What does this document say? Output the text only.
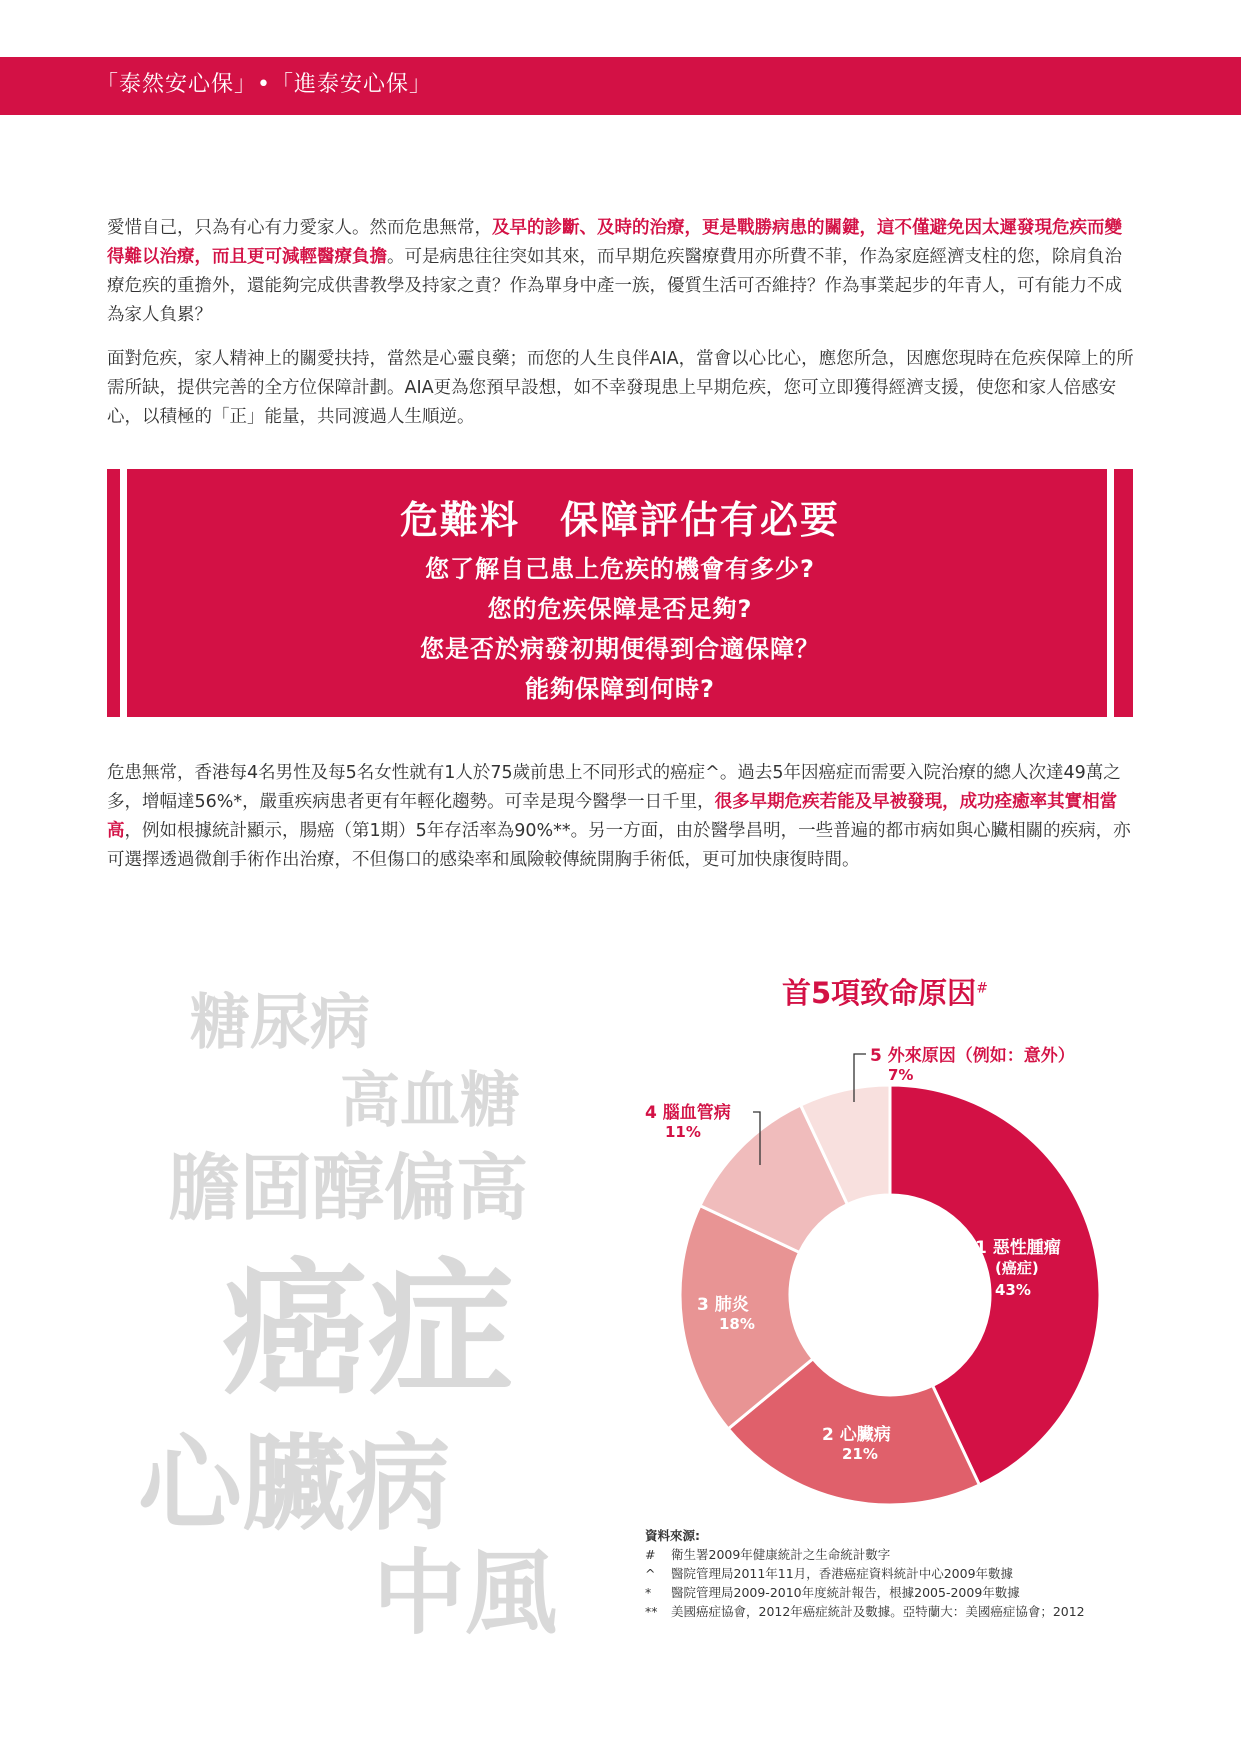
「泰然安心保」•「進泰安心保」

愛惜自己，只為有心有力愛家人。然而危患無常，及早的診斷、及時的治療，更是戰勝病患的關鍵，這不僅避免因太遲發現危疾而變得難以治療，而且更可減輕醫療負擔。可是病患往往突如其來，而早期危疾醫療費用亦所費不菲，作為家庭經濟支柱的您，除肩負治療危疾的重擔外，還能夠完成供書教學及持家之責？作為單身中產一族，優質生活可否維持？作為事業起步的年青人，可有能力不成為家人負累？

面對危疾，家人精神上的關愛扶持，當然是心靈良藥；而您的人生良伴AIA，當會以心比心，應您所急，因應您現時在危疾保障上的所需所缺，提供完善的全方位保障計劃。AIA更為您預早設想，如不幸發現患上早期危疾，您可立即獲得經濟支援，使您和家人倍感安心，以積極的「正」能量，共同渡過人生順逆。

危難料　保障評估有必要
您了解自己患上危疾的機會有多少?
您的危疾保障是否足夠?
您是否於病發初期便得到合適保障？
能夠保障到何時?

危患無常，香港每4名男性及每5名女性就有1人於75歲前患上不同形式的癌症^。過去5年因癌症而需要入院治療的總人次達49萬之多，增幅達56%*，嚴重疾病患者更有年輕化趨勢。可幸是現今醫學一日千里，很多早期危疾若能及早被發現，成功痊癒率其實相當高，例如根據統計顯示，腸癌（第1期）5年存活率為90%**。另一方面，由於醫學昌明，一些普遍的都市病如與心臟相關的疾病，亦可選擇透過微創手術作出治療，不但傷口的感染率和風險較傳統開胸手術低，更可加快康復時間。

糖尿病
高血糖
膽固醇偏高
癌症
心臟病
中風
首5項致命原因#
5 外來原因（例如：意外）
7%
4 腦血管病
11%
1 惡性腫瘤
(癌症)
43%
3 肺炎
18%
2 心臟病
21%
資料來源:
# 衛生署2009年健康統計之生命統計數字
^ 醫院管理局2011年11月，香港癌症資料統計中心2009年數據
* 醫院管理局2009-2010年度統計報告，根據2005-2009年數據
** 美國癌症協會，2012年癌症統計及數據。亞特蘭大：美國癌症協會；2012
